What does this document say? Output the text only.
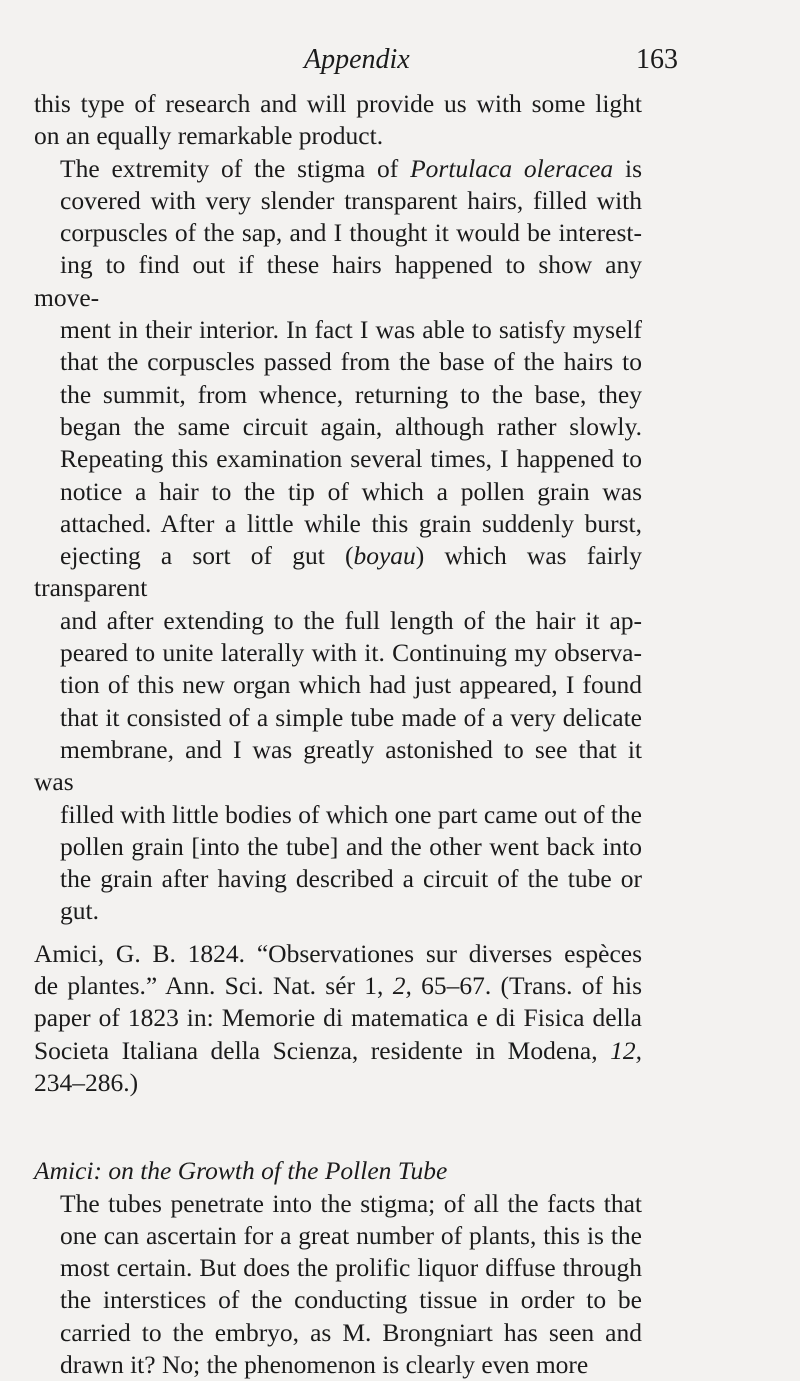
Appendix	163

this type of research and will provide us with some light
on an equally remarkable product.

The extremity of the stigma of Portulaca oleracea is
covered with very slender transparent hairs, filled with
corpuscles of the sap, and I thought it would be interest-
ing to find out if these hairs happened to show any move-
ment in their interior. In fact I was able to satisfy myself
that the corpuscles passed from the base of the hairs to
the summit, from whence, returning to the base, they
began the same circuit again, although rather slowly.
Repeating this examination several times, I happened to
notice a hair to the tip of which a pollen grain was
attached. After a little while this grain suddenly burst,
ejecting a sort of gut (boyau) which was fairly transparent
and after extending to the full length of the hair it ap-
peared to unite laterally with it. Continuing my observa-
tion of this new organ which had just appeared, I found
that it consisted of a simple tube made of a very delicate
membrane, and I was greatly astonished to see that it was
filled with little bodies of which one part came out of the
pollen grain [into the tube] and the other went back into
the grain after having described a circuit of the tube or
gut.

Amici, G. B. 1824. “Observationes sur diverses espèces
de plantes.” Ann. Sci. Nat. sér 1, 2, 65–67. (Trans. of his
paper of 1823 in: Memorie di matematica e di Fisica della
Societa Italiana della Scienza, residente in Modena, 12,
234–286.)

Amici: on the Growth of the Pollen Tube

The tubes penetrate into the stigma; of all the facts that
one can ascertain for a great number of plants, this is the
most certain. But does the prolific liquor diffuse through
the interstices of the conducting tissue in order to be
carried to the embryo, as M. Brongniart has seen and
drawn it? No; the phenomenon is clearly even more
